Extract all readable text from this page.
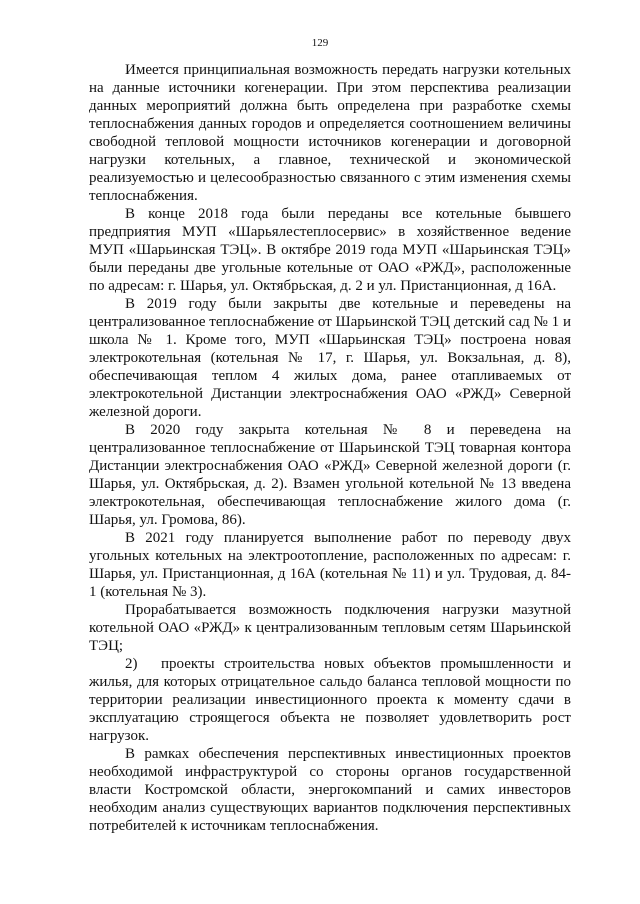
129

Имеется принципиальная возможность передать нагрузки котельных на данные источники когенерации. При этом перспектива реализации данных мероприятий должна быть определена при разработке схемы теплоснабжения данных городов и определяется соотношением величины свободной тепловой мощности источников когенерации и договорной нагрузки котельных, а главное, технической и экономической реализуемостью и целесообразностью связанного с этим изменения схемы теплоснабжения.

В конце 2018 года были переданы все котельные бывшего предприятия МУП «Шарьялестеплосервис» в хозяйственное ведение МУП «Шарьинская ТЭЦ». В октябре 2019 года МУП «Шарьинская ТЭЦ» были переданы две угольные котельные от ОАО «РЖД», расположенные по адресам: г. Шарья, ул. Октябрьская, д. 2 и ул. Пристанционная, д 16А.

В 2019 году были закрыты две котельные и переведены на централизованное теплоснабжение от Шарьинской ТЭЦ детский сад № 1 и школа № 1. Кроме того, МУП «Шарьинская ТЭЦ» построена новая электрокотельная (котельная № 17, г. Шарья, ул. Вокзальная, д. 8), обеспечивающая теплом 4 жилых дома, ранее отапливаемых от электрокотельной Дистанции электроснабжения ОАО «РЖД» Северной железной дороги.

В 2020 году закрыта котельная № 8 и переведена на централизованное теплоснабжение от Шарьинской ТЭЦ товарная контора Дистанции электроснабжения ОАО «РЖД» Северной железной дороги (г. Шарья, ул. Октябрьская, д. 2). Взамен угольной котельной № 13 введена электрокотельная, обеспечивающая теплоснабжение жилого дома (г. Шарья, ул. Громова, 86).

В 2021 году планируется выполнение работ по переводу двух угольных котельных на электроотопление, расположенных по адресам: г. Шарья, ул. Пристанционная, д 16А (котельная № 11) и ул. Трудовая, д. 84-1 (котельная № 3).

Прорабатывается возможность подключения нагрузки мазутной котельной ОАО «РЖД» к централизованным тепловым сетям Шарьинской ТЭЦ;

2) проекты строительства новых объектов промышленности и жилья, для которых отрицательное сальдо баланса тепловой мощности по территории реализации инвестиционного проекта к моменту сдачи в эксплуатацию строящегося объекта не позволяет удовлетворить рост нагрузок.

В рамках обеспечения перспективных инвестиционных проектов необходимой инфраструктурой со стороны органов государственной власти Костромской области, энергокомпаний и самих инвесторов необходим анализ существующих вариантов подключения перспективных потребителей к источникам теплоснабжения.
